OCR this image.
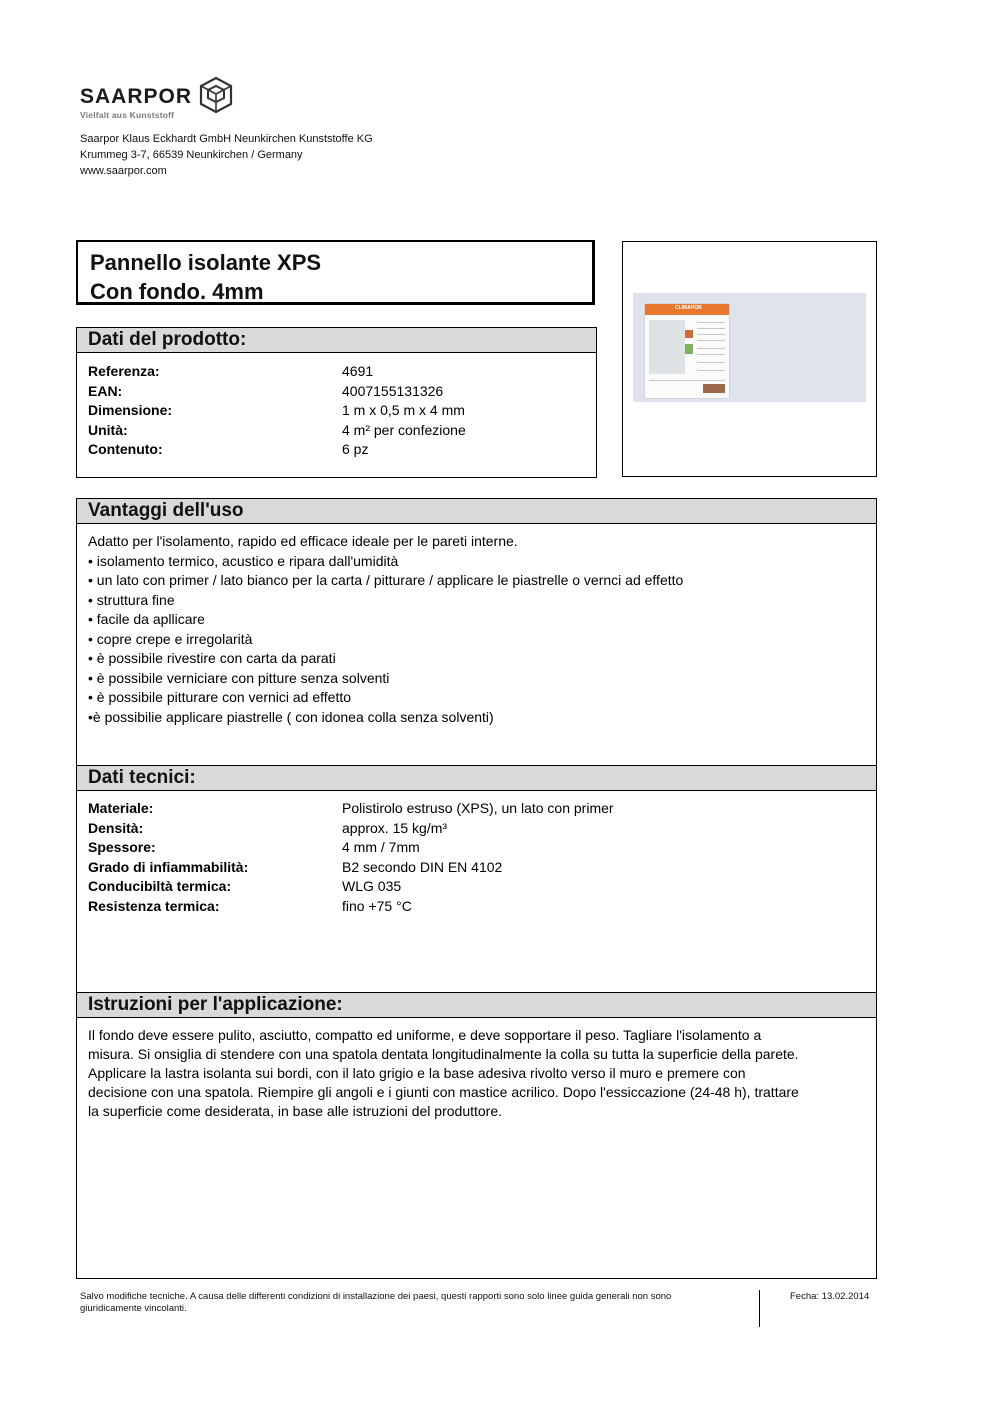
SAARPOR
Vielfalt aus Kunststoff
Saarpor Klaus Eckhardt GmbH Neunkirchen Kunststoffe KG
Krummeg 3-7, 66539 Neunkirchen / Germany
www.saarpor.com
Pannello isolante XPS
Con fondo. 4mm
CLIMAPOR
Dati del prodotto:
Referenza:	4691
EAN:	4007155131326
Dimensione:	1 m x 0,5 m x 4 mm
Unità:	4 m² per confezione
Contenuto:	6 pz
Vantaggi dell'uso
Adatto per l'isolamento, rapido ed efficace ideale per le pareti interne.
• isolamento termico, acustico e ripara dall'umidità
• un lato con primer / lato bianco per la carta / pitturare / applicare le piastrelle o vernci ad effetto
• struttura fine
• facile da apllicare
• copre crepe e irregolarità
• è possibile rivestire con carta da parati
• è possibile verniciare con pitture senza solventi
• è possibile pitturare con vernici ad effetto
•è possibilie applicare piastrelle ( con idonea colla senza solventi)
Dati tecnici:
Materiale:	Polistirolo estruso (XPS), un lato con primer
Densità:	approx. 15 kg/m³
Spessore:	4 mm / 7mm
Grado di infiammabilità:	B2 secondo DIN EN 4102
Conducibiltà termica:	WLG 035
Resistenza termica:	fino +75 °C
Istruzioni per l'applicazione:
Il fondo deve essere pulito, asciutto, compatto ed uniforme, e deve sopportare il peso. Tagliare l'isolamento a
misura. Si onsiglia di stendere con una spatola dentata longitudinalmente la colla su tutta la superficie della parete.
Applicare la lastra isolanta sui bordi, con il lato grigio e la base adesiva rivolto verso il muro e premere con
decisione con una spatola. Riempire gli angoli e i giunti con mastice acrilico. Dopo l'essiccazione (24-48 h), trattare
la superficie come desiderata, in base alle istruzioni del produttore.
Salvo modifiche tecniche. A causa delle differenti condizioni di installazione dei paesi, questi rapporti sono solo linee guida generali non sono
giuridicamente vincolanti.
Fecha: 13.02.2014
